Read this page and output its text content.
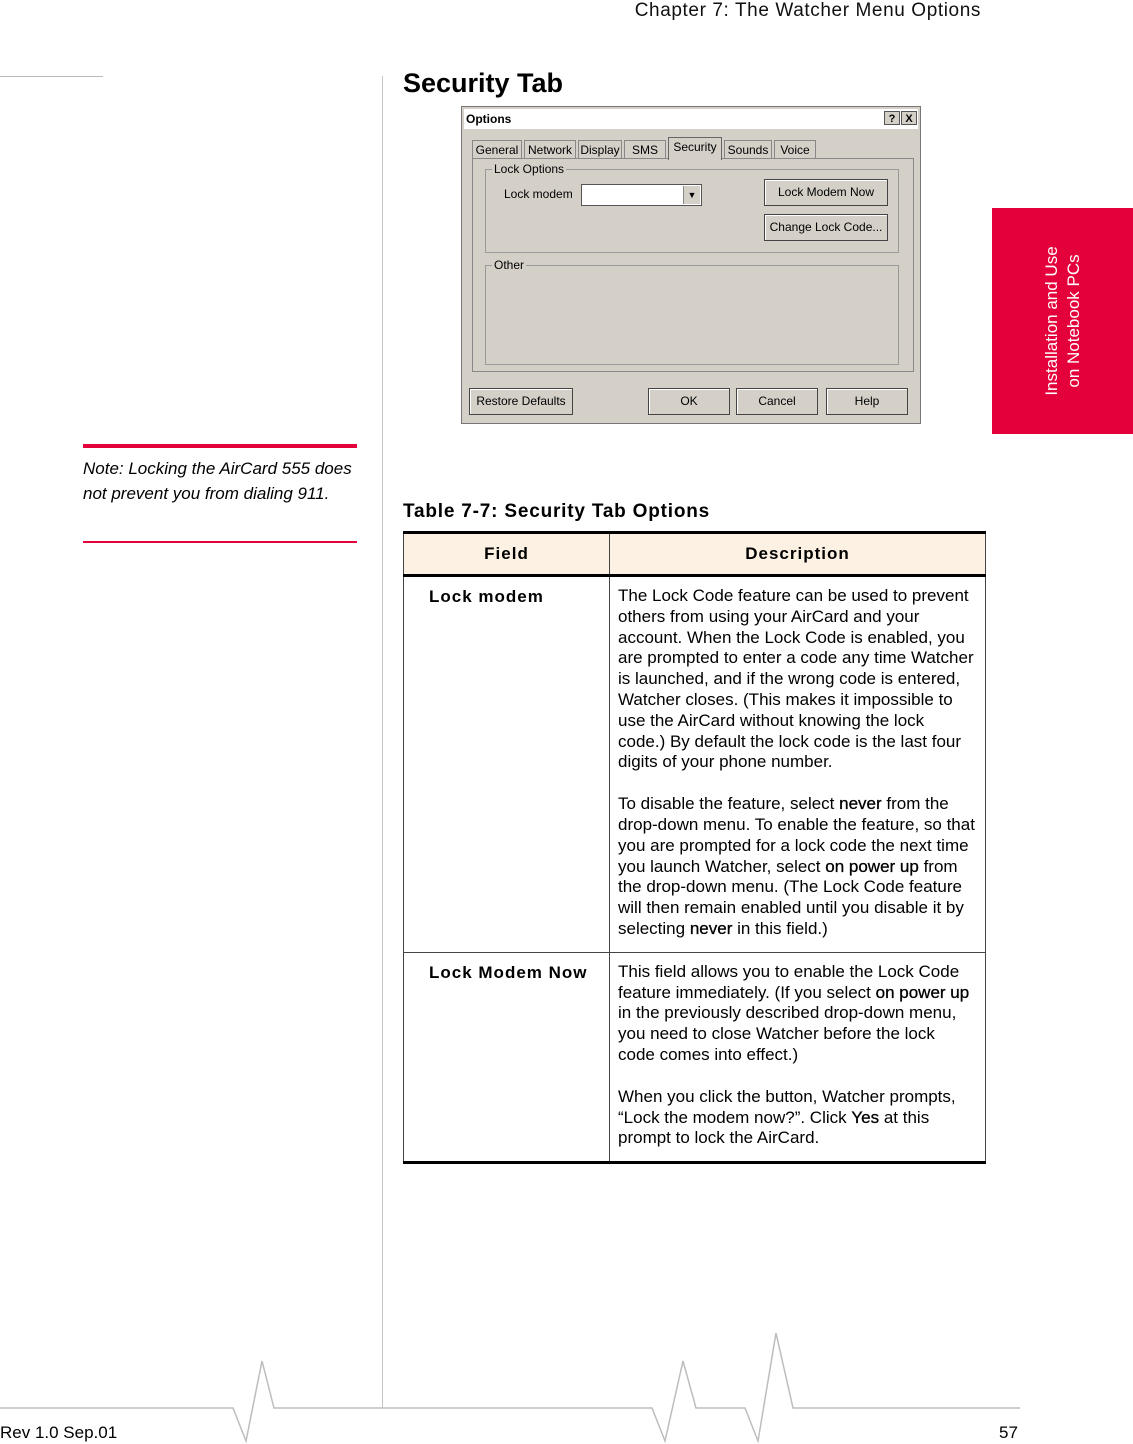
Chapter 7: The Watcher Menu Options
Installation and Use on Notebook PCs
Security Tab
Note: Locking the AirCard 555 does not prevent you from dialing 911.
Options	? X
General Network Display	SMS	Security Sounds Voice
Lock Options
Lock modem	▼	Lock Modem Now
Change Lock Code...
Other
Restore Defaults	OK	Cancel	Help
Table 7-7: Security Tab Options
Field	Description
Lock modem	The Lock Code feature can be used to prevent others from using your AirCard and your account. When the Lock Code is enabled, you are prompted to enter a code any time Watcher is launched, and if the wrong code is entered, Watcher closes. (This makes it impossible to use the AirCard without knowing the lock code.) By default the lock code is the last four digits of your phone number.

To disable the feature, select never from the drop-down menu. To enable the feature, so that you are prompted for a lock code the next time you launch Watcher, select on power up from the drop-down menu. (The Lock Code feature will then remain enabled until you disable it by selecting never in this field.)

Lock Modem Now	This field allows you to enable the Lock Code feature immediately. (If you select on power up in the previously described drop-down menu, you need to close Watcher before the lock code comes into effect.)

When you click the button, Watcher prompts, “Lock the modem now?”. Click Yes at this prompt to lock the AirCard.

Rev 1.0 Sep.01	57
